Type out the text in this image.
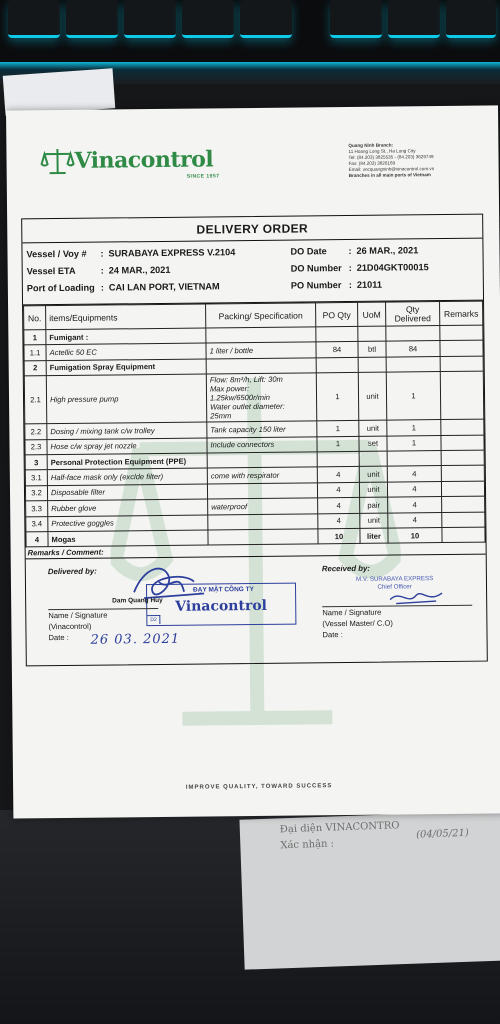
Đại diện VINACONTRO
Xác nhận :
(04/05/21)
Vinacontrol
SINCE 1957
Quang Ninh Branch:
11 Hoang Long St., Ha Long City
Tel: (84.203) 3825535 - (84.203) 3629749
Fax: (84.203) 3826169
Email: vncquangninh@vinacontrol.com.vn
Branches in all main ports of Vietnam
DELIVERY ORDER
Vessel / Voy # : SURABAYA EXPRESS V.2104
Vessel ETA	: 24 MAR., 2021
Port of Loading : CAI LAN PORT, VIETNAM
DO Date : 26 MAR., 2021
DO Number : 21D04GKT00015
PO Number : 21011
No.	items/Equipments	Packing/ Specification	PO Qty	UoM	Qty Delivered	Remarks
1	Fumigant :					
1.1	Actellic 50 EC	1 liter / bottle	84	btl	84	
2	Fumigation Spray Equipment					
2.1	High pressure pump	Flow: 8m³/h, Lift: 30m
Max power:
1.25kw/6500r/min
Water outlet diameter:
25mm	1	unit	1	
2.2	Dosing / mixing tank c/w trolley	Tank capacity 150 liter	1	unit	1	
2.3	Hose c/w spray jet nozzle	Include connectors	1	set	1	
3	Personal Protection Equipment (PPE)					
3.1	Half-face mask only (exclde filter)	come with respirator	4	unit	4	
3.2	Disposable filter		4	unit	4	
3.3	Rubber glove	waterproof	4	pair	4	
3.4	Protective goggles		4	unit	4	
4	Mogas		10	liter	10	
Remarks / Comment:
Delivered by:	Received by:
ĐẠY MẶT CÔNG TY
Vinacontrol
D2
Dam Quang Huy
Name / Signature
(Vinacontrol)
Date :	26 03. 2021
M.V. SURABAYA EXPRESS
Chief Officer
Name / Signature
(Vessel Master/ C.O)
Date :
IMPROVE QUALITY, TOWARD SUCCESS
